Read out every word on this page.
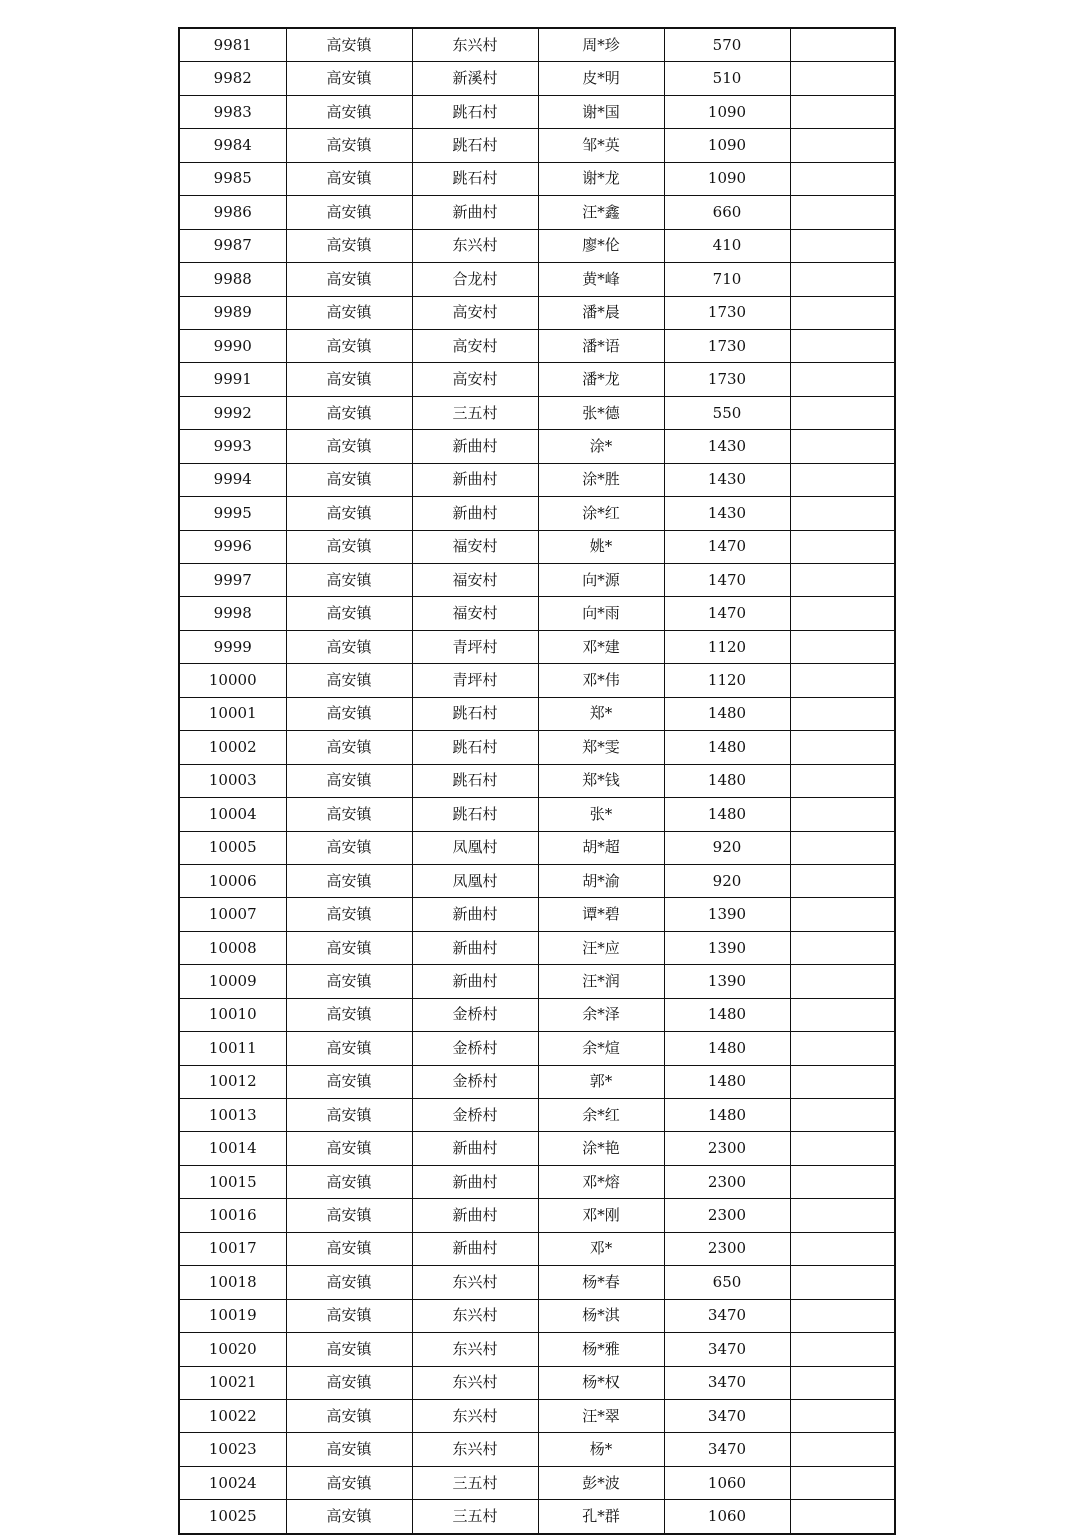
9981	高安镇	东兴村	周*珍	570	
9982	高安镇	新溪村	皮*明	510	
9983	高安镇	跳石村	谢*国	1090	
9984	高安镇	跳石村	邹*英	1090	
9985	高安镇	跳石村	谢*龙	1090	
9986	高安镇	新曲村	汪*鑫	660	
9987	高安镇	东兴村	廖*伦	410	
9988	高安镇	合龙村	黄*峰	710	
9989	高安镇	高安村	潘*晨	1730	
9990	高安镇	高安村	潘*语	1730	
9991	高安镇	高安村	潘*龙	1730	
9992	高安镇	三五村	张*德	550	
9993	高安镇	新曲村	涂*	1430	
9994	高安镇	新曲村	涂*胜	1430	
9995	高安镇	新曲村	涂*红	1430	
9996	高安镇	福安村	姚*	1470	
9997	高安镇	福安村	向*源	1470	
9998	高安镇	福安村	向*雨	1470	
9999	高安镇	青坪村	邓*建	1120	
10000	高安镇	青坪村	邓*伟	1120	
10001	高安镇	跳石村	郑*	1480	
10002	高安镇	跳石村	郑*雯	1480	
10003	高安镇	跳石村	郑*钱	1480	
10004	高安镇	跳石村	张*	1480	
10005	高安镇	凤凰村	胡*超	920	
10006	高安镇	凤凰村	胡*渝	920	
10007	高安镇	新曲村	谭*碧	1390	
10008	高安镇	新曲村	汪*应	1390	
10009	高安镇	新曲村	汪*润	1390	
10010	高安镇	金桥村	余*泽	1480	
10011	高安镇	金桥村	余*煊	1480	
10012	高安镇	金桥村	郭*	1480	
10013	高安镇	金桥村	余*红	1480	
10014	高安镇	新曲村	涂*艳	2300	
10015	高安镇	新曲村	邓*熔	2300	
10016	高安镇	新曲村	邓*刚	2300	
10017	高安镇	新曲村	邓*	2300	
10018	高安镇	东兴村	杨*春	650	
10019	高安镇	东兴村	杨*淇	3470	
10020	高安镇	东兴村	杨*雅	3470	
10021	高安镇	东兴村	杨*权	3470	
10022	高安镇	东兴村	汪*翠	3470	
10023	高安镇	东兴村	杨*	3470	
10024	高安镇	三五村	彭*波	1060	
10025	高安镇	三五村	孔*群	1060	
